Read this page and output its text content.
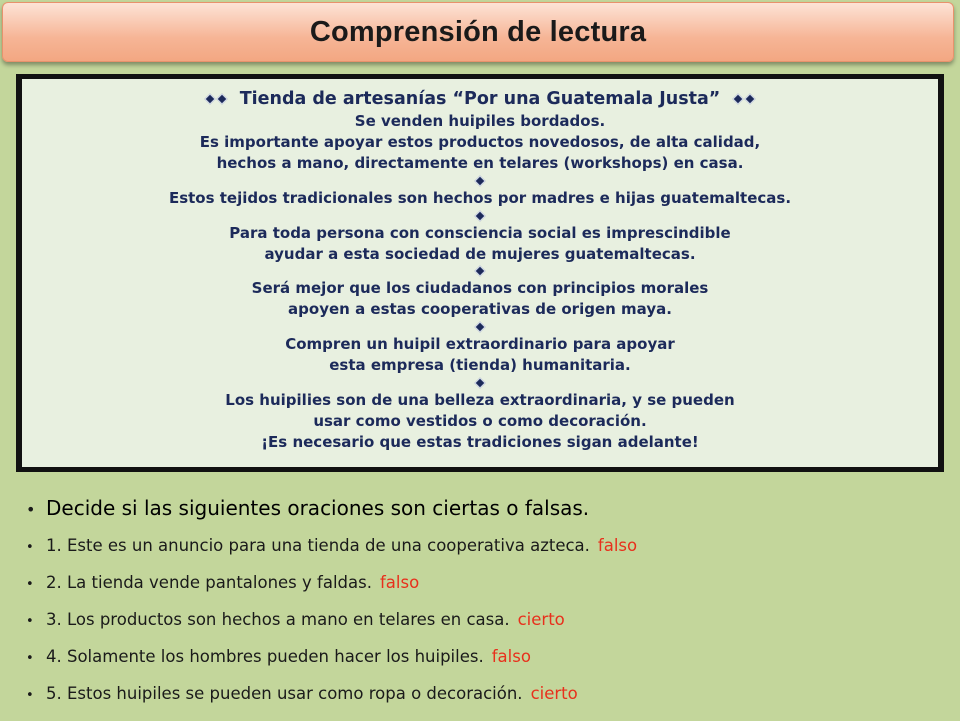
Comprensión de lectura
Tienda de artesanías “Por una Guatemala Justa”
Se venden huipiles bordados.
Es importante apoyar estos productos novedosos, de alta calidad,
hechos a mano, directamente en telares (workshops) en casa.
Estos tejidos tradicionales son hechos por madres e hijas guatemaltecas.
Para toda persona con consciencia social es imprescindible
ayudar a esta sociedad de mujeres guatemaltecas.
Será mejor que los ciudadanos con principios morales
apoyen a estas cooperativas de origen maya.
Compren un huipil extraordinario para apoyar
esta empresa (tienda) humanitaria.
Los huipilies son de una belleza extraordinaria, y se pueden
usar como vestidos o como decoración.
¡Es necesario que estas tradiciones sigan adelante!
• Decide si las siguientes oraciones son ciertas o falsas.
• 1. Este es un anuncio para una tienda de una cooperativa azteca. falso
• 2. La tienda vende pantalones y faldas. falso
• 3. Los productos son hechos a mano en telares en casa. cierto
• 4. Solamente los hombres pueden hacer los huipiles. falso
• 5. Estos huipiles se pueden usar como ropa o decoración. cierto
